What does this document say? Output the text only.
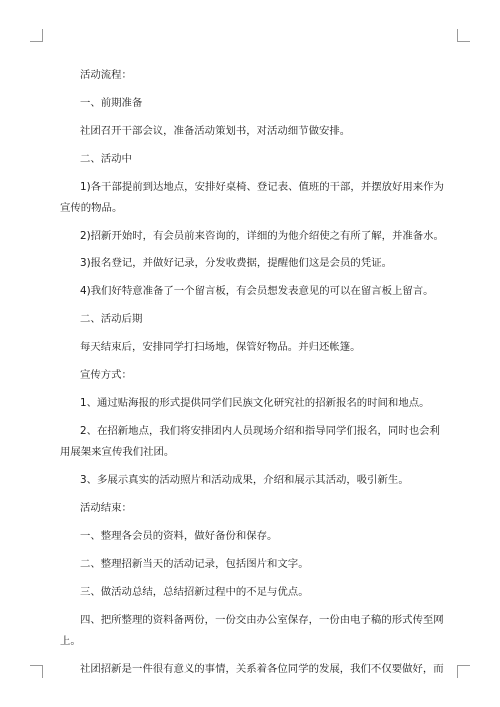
活动流程：
一、前期准备
社团召开干部会议，准备活动策划书，对活动细节做安排。
二、活动中
1)各干部提前到达地点，安排好桌椅、登记表、值班的干部，并摆放好用来作为
宣传的物品。
2)招新开始时，有会员前来咨询的，详细的为他介绍使之有所了解，并准备水。
3)报名登记，并做好记录，分发收费据，提醒他们这是会员的凭证。
4)我们好特意准备了一个留言板，有会员想发表意见的可以在留言板上留言。
二、活动后期
每天结束后，安排同学打扫场地，保管好物品。并归还帐篷。
宣传方式：
1、通过贴海报的形式提供同学们民族文化研究社的招新报名的时间和地点。
2、在招新地点，我们将安排团内人员现场介绍和指导同学们报名，同时也会利
用展架来宣传我们社团。
3、多展示真实的活动照片和活动成果，介绍和展示其活动，吸引新生。
活动结束：
一、整理各会员的资料，做好备份和保存。
二、整理招新当天的活动记录，包括图片和文字。
三、做活动总结，总结招新过程中的不足与优点。
四、把所整理的资料备两份，一份交由办公室保存，一份由电子稿的形式传至网
上。
社团招新是一件很有意义的事情，关系着各位同学的发展，我们不仅要做好，而
